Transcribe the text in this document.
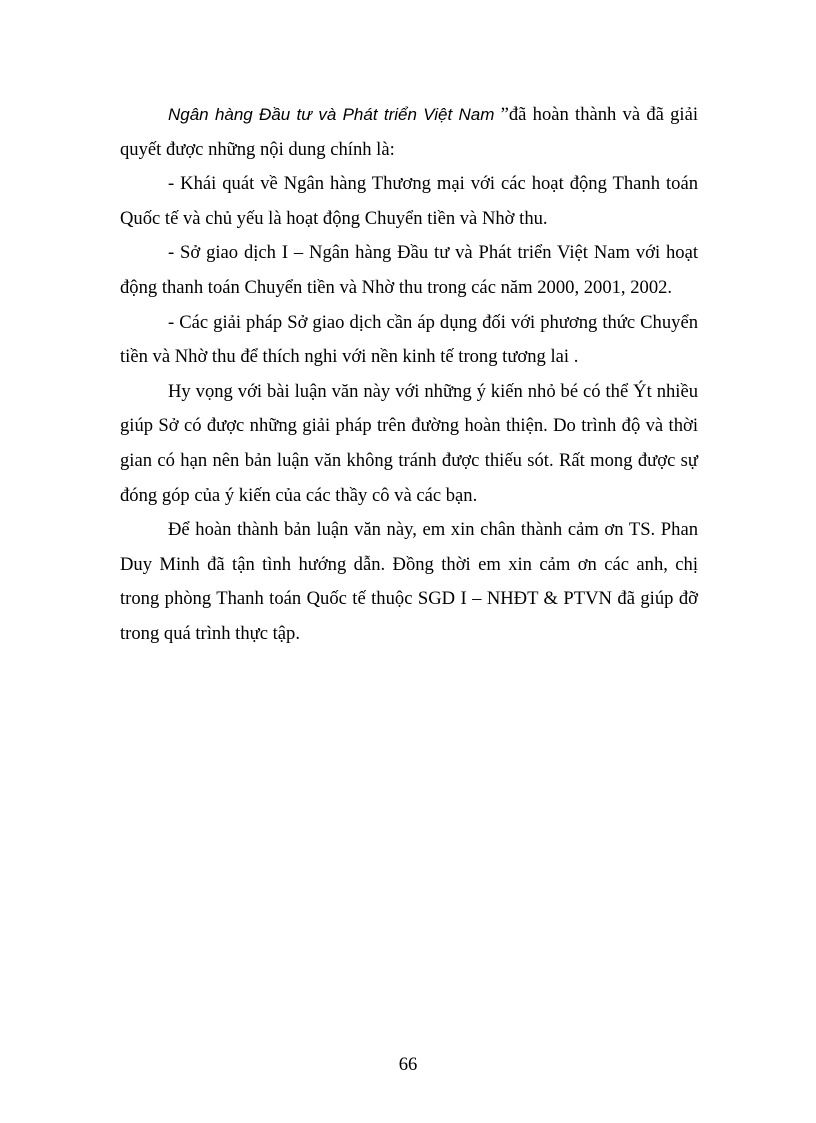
Ngân hàng Đầu tư và Phát triển Việt Nam ”đã hoàn thành và đã giải quyết được những nội dung chính là:

- Khái quát về Ngân hàng Thương mại với các hoạt động Thanh toán Quốc tế và chủ yếu là hoạt động Chuyển tiền và Nhờ thu.

- Sở giao dịch I – Ngân hàng Đầu tư và Phát triển Việt Nam với hoạt động thanh toán Chuyển tiền và Nhờ thu trong các năm 2000, 2001, 2002.

- Các giải pháp Sở giao dịch cần áp dụng đối với phương thức Chuyển tiền và Nhờ thu để thích nghi với nền kinh tế trong tương lai .

Hy vọng với bài luận văn này với những ý kiến nhỏ bé có thể Ýt nhiều giúp Sở có được những giải pháp trên đường hoàn thiện. Do trình độ và thời gian có hạn nên bản luận văn không tránh được thiếu sót. Rất mong được sự đóng góp của ý kiến của các thầy cô và các bạn.

Để hoàn thành bản luận văn này, em xin chân thành cảm ơn TS. Phan Duy Minh đã tận tình hướng dẫn. Đồng thời em xin cảm ơn các anh, chị trong phòng Thanh toán Quốc tế thuộc SGD I – NHĐT & PTVN đã giúp đỡ trong quá trình thực tập.

66
